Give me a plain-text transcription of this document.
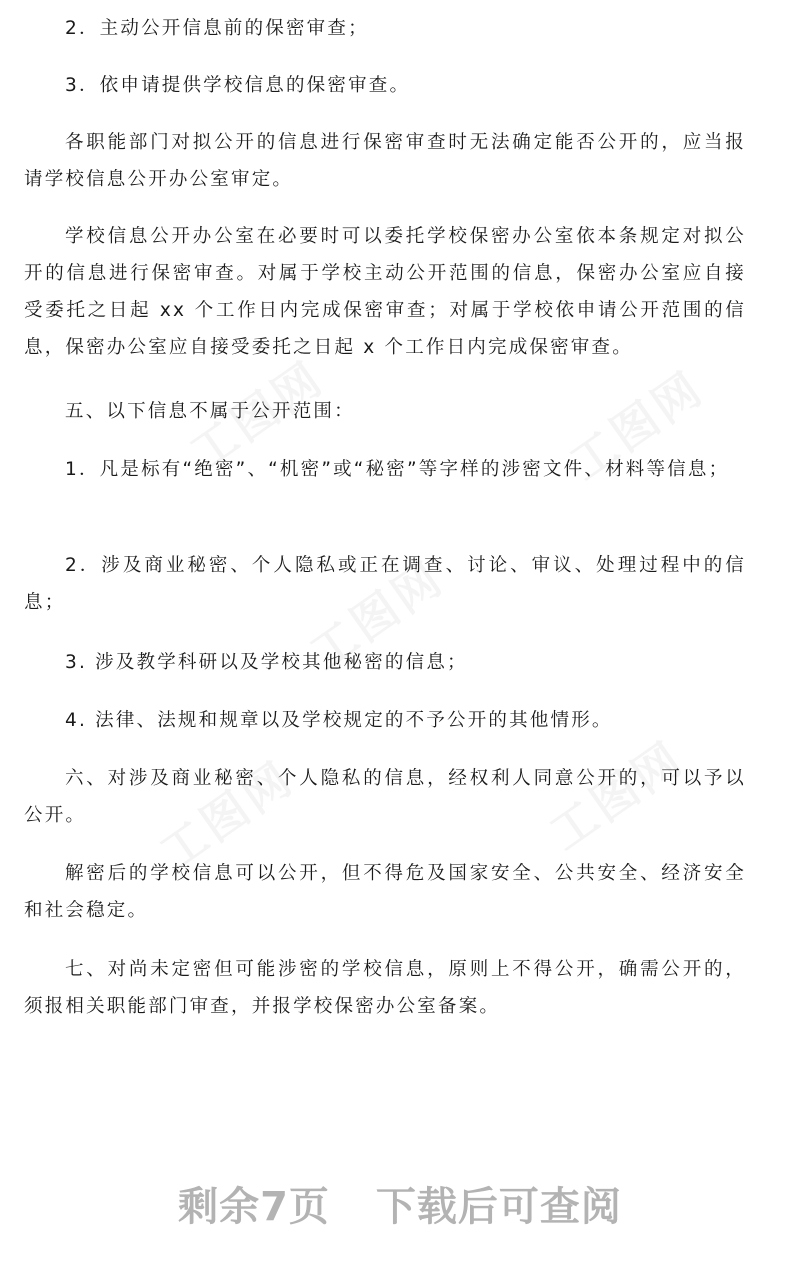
2．主动公开信息前的保密审查；

3．依申请提供学校信息的保密审查。

各职能部门对拟公开的信息进行保密审查时无法确定能否公开的，应当报请学校信息公开办公室审定。

学校信息公开办公室在必要时可以委托学校保密办公室依本条规定对拟公开的信息进行保密审查。对属于学校主动公开范围的信息，保密办公室应自接受委托之日起 xx 个工作日内完成保密审查；对属于学校依申请公开范围的信息，保密办公室应自接受委托之日起 x 个工作日内完成保密审查。

五、以下信息不属于公开范围：

1．凡是标有“绝密”、“机密”或“秘密”等字样的涉密文件、材料等信息；

2．涉及商业秘密、个人隐私或正在调查、讨论、审议、处理过程中的信息；

3. 涉及教学科研以及学校其他秘密的信息；

4. 法律、法规和规章以及学校规定的不予公开的其他情形。

六、对涉及商业秘密、个人隐私的信息，经权利人同意公开的，可以予以公开。

解密后的学校信息可以公开，但不得危及国家安全、公共安全、经济安全和社会稳定。

七、对尚未定密但可能涉密的学校信息，原则上不得公开，确需公开的，须报相关职能部门审查，并报学校保密办公室备案。

剩余7页 下载后可查阅
